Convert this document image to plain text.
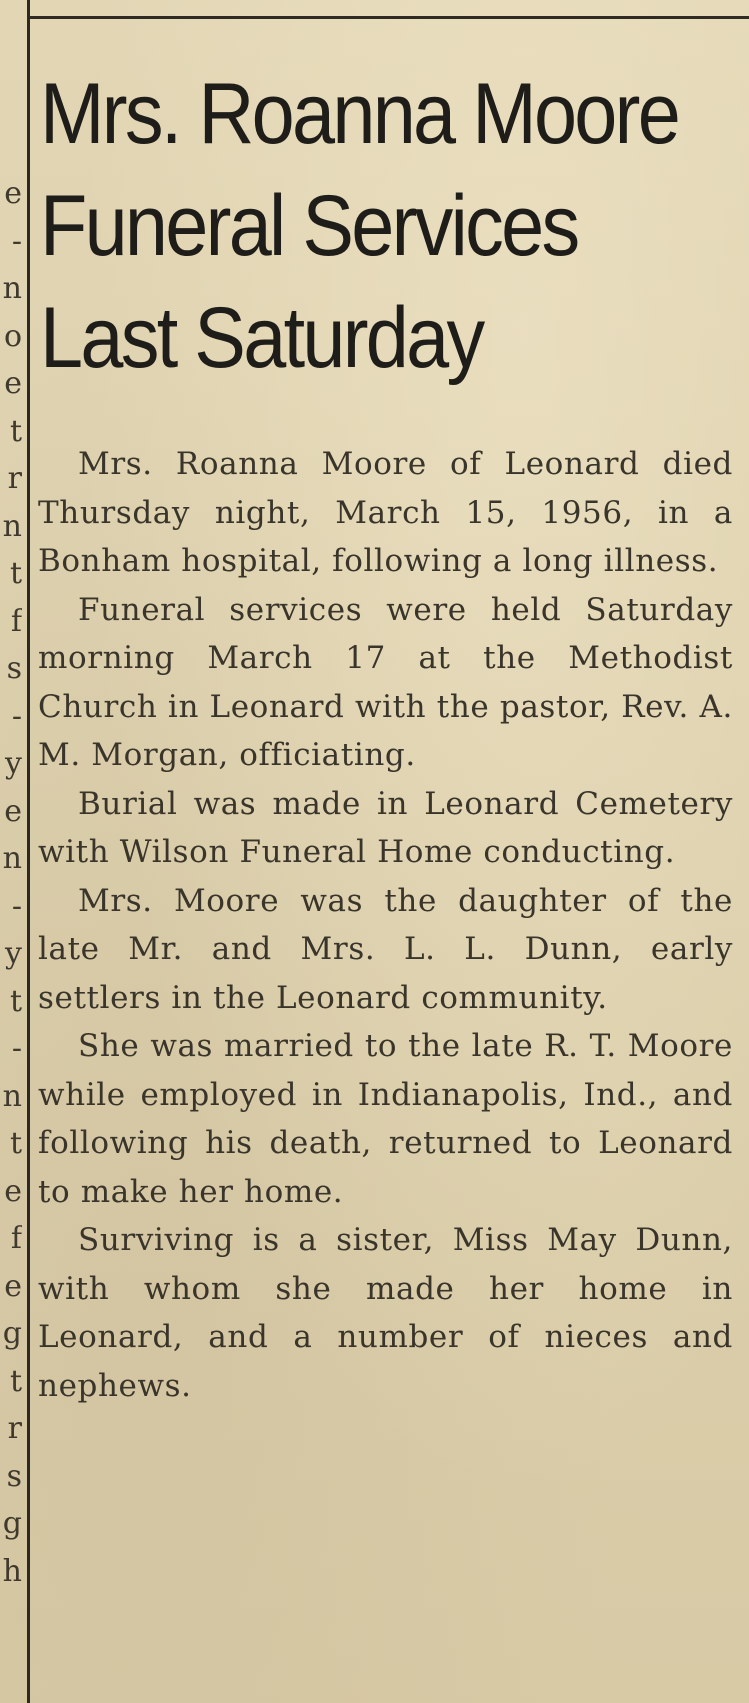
e
-
n
o
e
t
r
n
t
f
s
-
y
e
n
-
y
t
-
n
t
e
f
e
g
t
r
s
g
h
Mrs. Roanna Moore
Funeral Services
Last Saturday

Mrs. Roanna Moore of Leonard died Thursday night, March 15, 1956, in a Bonham hospital, following a long illness.

Funeral services were held Saturday morning March 17 at the Methodist Church in Leonard with the pastor, Rev. A. M. Morgan, officiating.

Burial was made in Leonard Cemetery with Wilson Funeral Home conducting.

Mrs. Moore was the daughter of the late Mr. and Mrs. L. L. Dunn, early settlers in the Leonard community.

She was married to the late R. T. Moore while employed in Indianapolis, Ind., and following his death, returned to Leonard to make her home.

Surviving is a sister, Miss May Dunn, with whom she made her home in Leonard, and a number of nieces and nephews.
